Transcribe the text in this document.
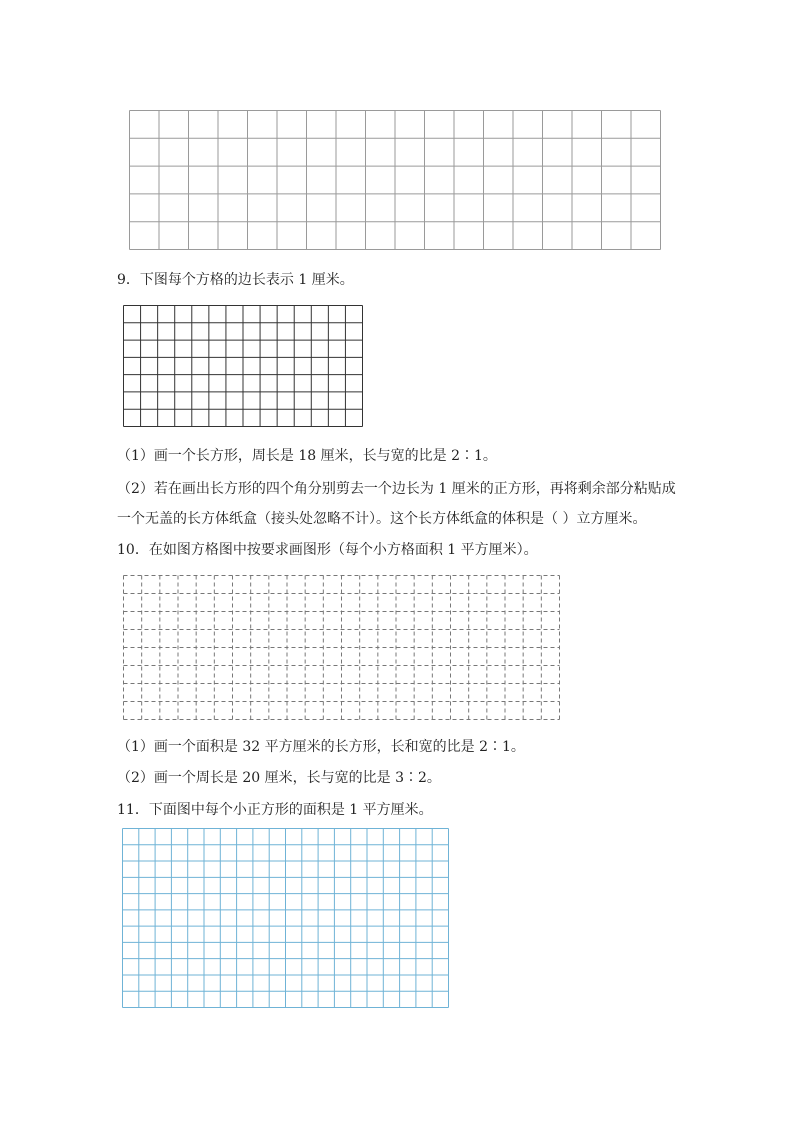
9．下图每个方格的边长表示 1 厘米。
（1）画一个长方形，周长是 18 厘米，长与宽的比是 2∶1。
（2）若在画出长方形的四个角分别剪去一个边长为 1 厘米的正方形，再将剩余部分粘贴成
一个无盖的长方体纸盒（接头处忽略不计）。这个长方体纸盒的体积是（ ）立方厘米。
10．在如图方格图中按要求画图形（每个小方格面积 1 平方厘米）。
（1）画一个面积是 32 平方厘米的长方形，长和宽的比是 2∶1。
（2）画一个周长是 20 厘米，长与宽的比是 3∶2。
11．下面图中每个小正方形的面积是 1 平方厘米。
